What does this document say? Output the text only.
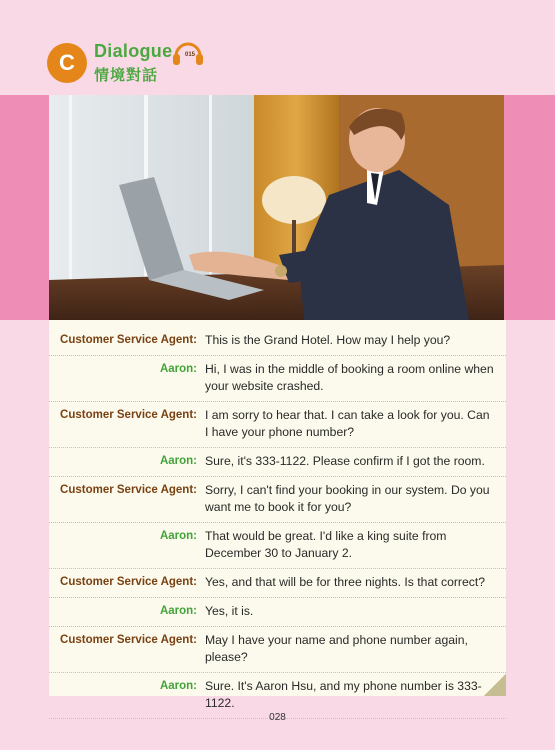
C	Dialogue
情境對話
015
Customer Service Agent: This is the Grand Hotel. How may I help you?
Aaron: Hi, I was in the middle of booking a room online when your website crashed.
Customer Service Agent: I am sorry to hear that. I can take a look for you. Can I have your phone number?
Aaron: Sure, it's 333-1122. Please confirm if I got the room.
Customer Service Agent: Sorry, I can't find your booking in our system. Do you want me to book it for you?
Aaron: That would be great. I'd like a king suite from December 30 to January 2.
Customer Service Agent: Yes, and that will be for three nights. Is that correct?
Aaron: Yes, it is.
Customer Service Agent: May I have your name and phone number again, please?
Aaron: Sure. It's Aaron Hsu, and my phone number is 333-1122.
028
